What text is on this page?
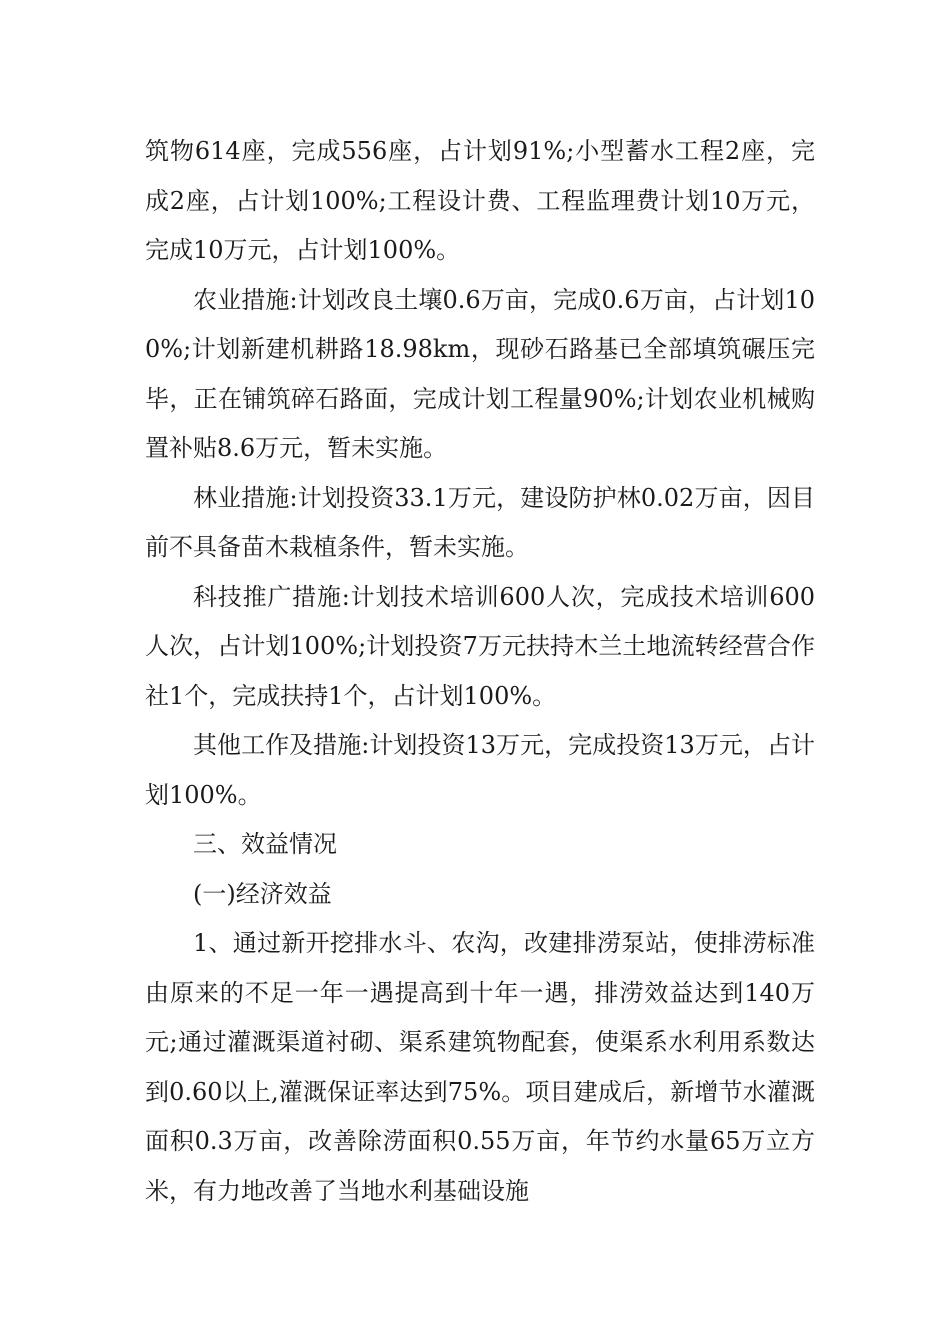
筑物614座，完成556座，占计划91%;小型蓄水工程2座，完成2座，占计划100%;工程设计费、工程监理费计划10万元，完成10万元，占计划100%。

农业措施:计划改良土壤0.6万亩，完成0.6万亩，占计划100%;计划新建机耕路18.98km，现砂石路基已全部填筑碾压完毕，正在铺筑碎石路面，完成计划工程量90%;计划农业机械购置补贴8.6万元，暂未实施。

林业措施:计划投资33.1万元，建设防护林0.02万亩，因目前不具备苗木栽植条件，暂未实施。

科技推广措施:计划技术培训600人次，完成技术培训600人次，占计划100%;计划投资7万元扶持木兰土地流转经营合作社1个，完成扶持1个，占计划100%。

其他工作及措施:计划投资13万元，完成投资13万元，占计划100%。

三、效益情况

(一)经济效益

1、通过新开挖排水斗、农沟，改建排涝泵站，使排涝标准由原来的不足一年一遇提高到十年一遇，排涝效益达到140万元;通过灌溉渠道衬砌、渠系建筑物配套，使渠系水利用系数达到0.60以上,灌溉保证率达到75%。项目建成后，新增节水灌溉面积0.3万亩，改善除涝面积0.55万亩，年节约水量65万立方米，有力地改善了当地水利基础设施
